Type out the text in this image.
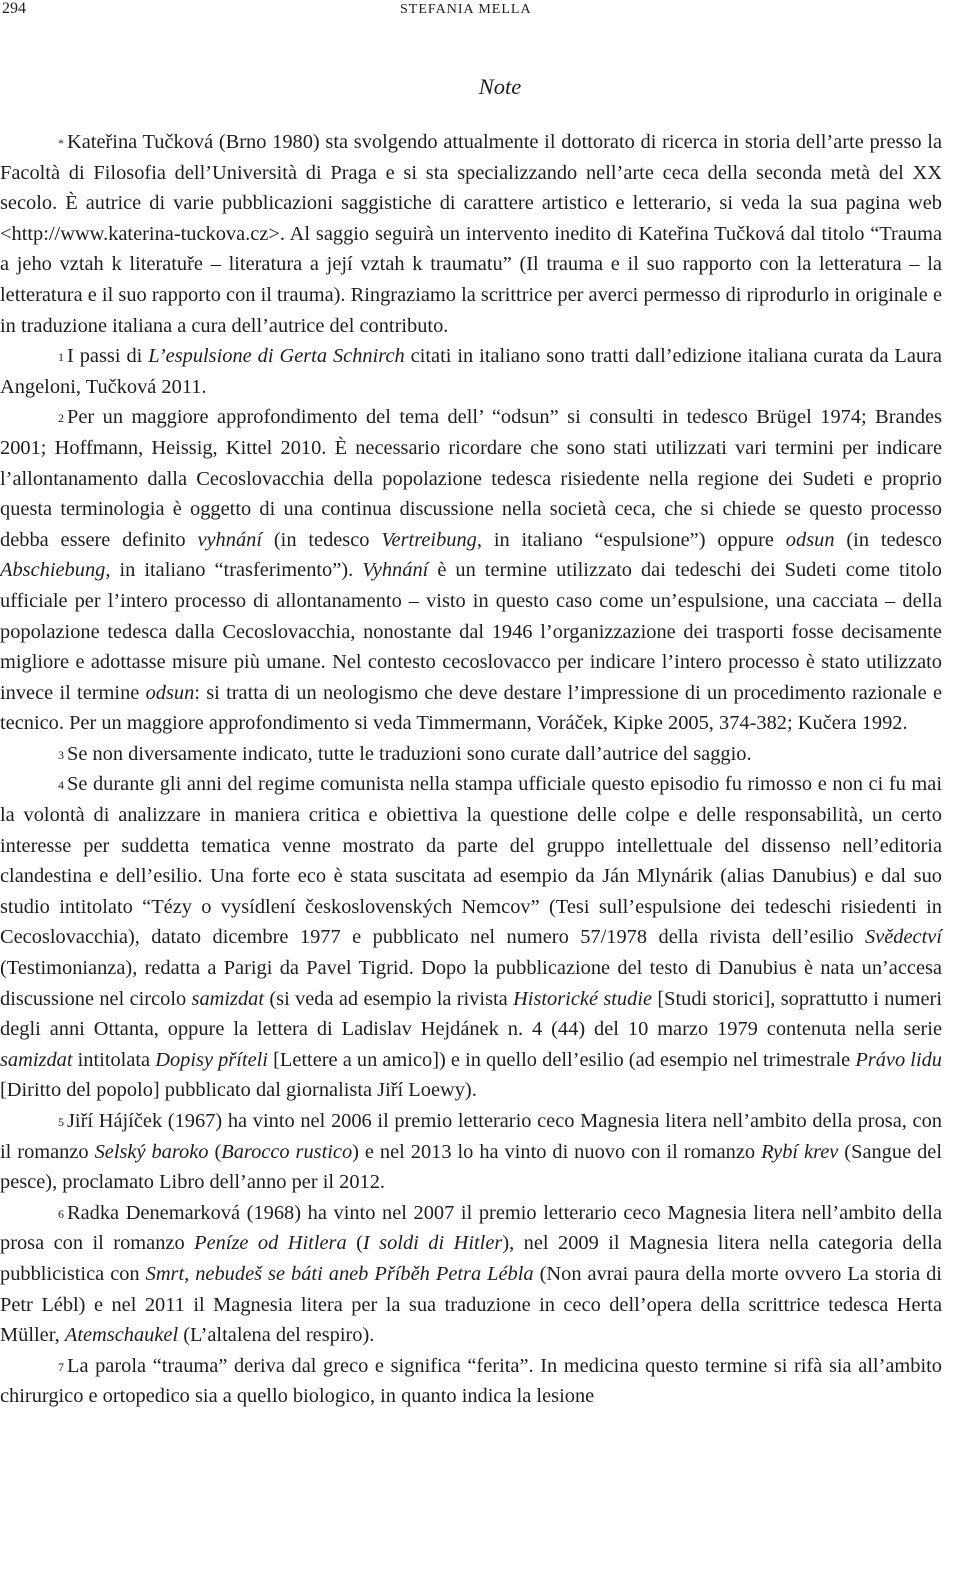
294	STEFANIA MELLA
Note

* Kateřina Tučková (Brno 1980) sta svolgendo attualmente il dottorato di ricerca in storia dell’arte presso la Facoltà di Filosofia dell’Università di Praga e si sta specializzando nell’arte ceca della seconda metà del XX secolo. È autrice di varie pubblicazioni saggistiche di carattere artistico e letterario, si veda la sua pagina web <http://www.katerina-tuckova.cz>. Al saggio seguirà un intervento inedito di Kateřina Tučková dal titolo “Trauma a jeho vztah k literatuře – literatura a její vztah k traumatu” (Il trauma e il suo rapporto con la letteratura – la letteratura e il suo rapporto con il trauma). Ringraziamo la scrittrice per averci permesso di riprodurlo in originale e in traduzione italiana a cura dell’autrice del contributo.

$^1$ I passi di L’espulsione di Gerta Schnirch citati in italiano sono tratti dall’edizione italiana curata da Laura Angeloni, Tučková 2011.

$^2$ Per un maggiore approfondimento del tema dell’ “odsun” si consulti in tedesco Brügel 1974; Brandes 2001; Hoffmann, Heissig, Kittel 2010. È necessario ricordare che sono stati utilizzati vari termini per indicare l’allontanamento dalla Cecoslovacchia della popolazione tedesca risiedente nella regione dei Sudeti e proprio questa terminologia è oggetto di una continua discussione nella società ceca, che si chiede se questo processo debba essere definito vyhnání (in tedesco Vertreibung, in italiano “espulsione”) oppure odsun (in tedesco Abschiebung, in italiano “trasferimento”). Vyhnání è un termine utilizzato dai tedeschi dei Sudeti come titolo ufficiale per l’intero processo di allontanamento – visto in questo caso come un’espulsione, una cacciata – della popolazione tedesca dalla Cecoslovacchia, nonostante dal 1946 l’organizzazione dei trasporti fosse decisamente migliore e adottasse misure più umane. Nel contesto cecoslovacco per indicare l’intero processo è stato utilizzato invece il termine odsun: si tratta di un neologismo che deve destare l’impressione di un procedimento razionale e tecnico. Per un maggiore approfondimento si veda Timmermann, Voráček, Kipke 2005, 374-382; Kučera 1992.

$^3$ Se non diversamente indicato, tutte le traduzioni sono curate dall’autrice del saggio.

$^4$ Se durante gli anni del regime comunista nella stampa ufficiale questo episodio fu rimosso e non ci fu mai la volontà di analizzare in maniera critica e obiettiva la questione delle colpe e delle responsabilità, un certo interesse per suddetta tematica venne mostrato da parte del gruppo intellettuale del dissenso nell’editoria clandestina e dell’esilio. Una forte eco è stata suscitata ad esempio da Ján Mlynárik (alias Danubius) e dal suo studio intitolato “Tézy o vysídlení československých Nemcov” (Tesi sull’espulsione dei tedeschi risiedenti in Cecoslovacchia), datato dicembre 1977 e pubblicato nel numero 57/1978 della rivista dell’esilio Svědectví (Testimonianza), redatta a Parigi da Pavel Tigrid. Dopo la pubblicazione del testo di Danubius è nata un’accesa discussione nel circolo samizdat (si veda ad esempio la rivista Historické studie [Studi storici], soprattutto i numeri degli anni Ottanta, oppure la lettera di Ladislav Hejdánek n. 4 (44) del 10 marzo 1979 contenuta nella serie samizdat intitolata Dopisy příteli [Lettere a un amico]) e in quello dell’esilio (ad esempio nel trimestrale Právo lidu [Diritto del popolo] pubblicato dal giornalista Jiří Loewy).

$^5$ Jiří Hájíček (1967) ha vinto nel 2006 il premio letterario ceco Magnesia litera nell’ambito della prosa, con il romanzo Selský baroko (Barocco rustico) e nel 2013 lo ha vinto di nuovo con il romanzo Rybí krev (Sangue del pesce), proclamato Libro dell’anno per il 2012.

$^6$ Radka Denemarková (1968) ha vinto nel 2007 il premio letterario ceco Magnesia litera nell’ambito della prosa con il romanzo Peníze od Hitlera (I soldi di Hitler), nel 2009 il Magnesia litera nella categoria della pubblicistica con Smrt, nebudeš se báti aneb Příběh Petra Lébla (Non avrai paura della morte ovvero La storia di Petr Lébl) e nel 2011 il Magnesia litera per la sua traduzione in ceco dell’opera della scrittrice tedesca Herta Müller, Atemschaukel (L’altalena del respiro).

$^7$ La parola “trauma” deriva dal greco e significa “ferita”. In medicina questo termine si rifà sia all’ambito chirurgico e ortopedico sia a quello biologico, in quanto indica la lesione
